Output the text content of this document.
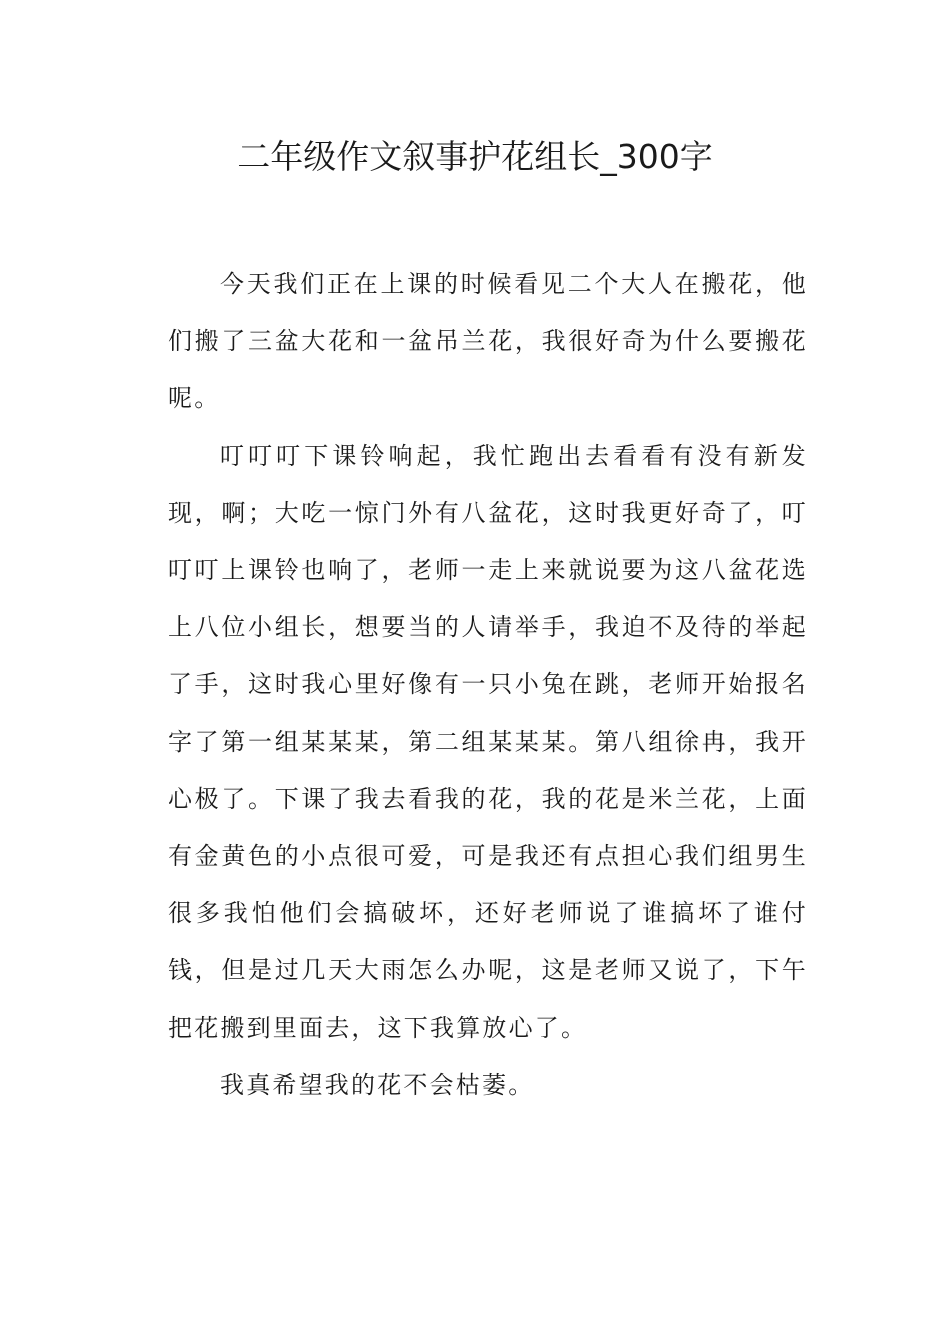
二年级作文叙事护花组长_300字

今天我们正在上课的时候看见二个大人在搬花，他们搬了三盆大花和一盆吊兰花，我很好奇为什么要搬花呢。

叮叮叮下课铃响起，我忙跑出去看看有没有新发现，啊；大吃一惊门外有八盆花，这时我更好奇了，叮叮叮上课铃也响了，老师一走上来就说要为这八盆花选上八位小组长，想要当的人请举手，我迫不及待的举起了手，这时我心里好像有一只小兔在跳，老师开始报名字了第一组某某某，第二组某某某。第八组徐冉，我开心极了。下课了我去看我的花，我的花是米兰花，上面有金黄色的小点很可爱，可是我还有点担心我们组男生很多我怕他们会搞破坏，还好老师说了谁搞坏了谁付钱，但是过几天大雨怎么办呢，这是老师又说了，下午把花搬到里面去，这下我算放心了。

我真希望我的花不会枯萎。
